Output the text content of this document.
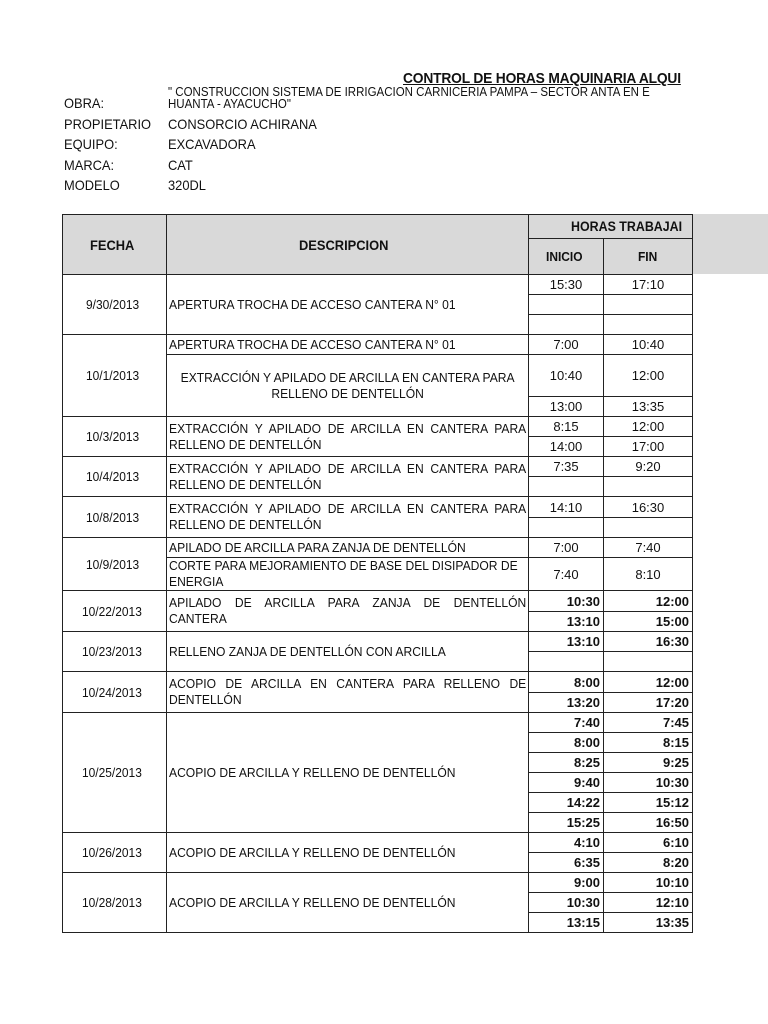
CONTROL DE HORAS MAQUINARIA ALQUI
OBRA:
" CONSTRUCCION SISTEMA DE IRRIGACION CARNICERIA PAMPA – SECTOR ANTA EN E
HUANTA - AYACUCHO"
PROPIETARIO CONSORCIO ACHIRANA
EQUIPO:	EXCAVADORA
MARCA:	CAT
MODELO	320DL
FECHA	DESCRIPCION	HORAS TRABAJAI	
		INICIO	FIN
9/30/2013	APERTURA TROCHA DE ACCESO CANTERA N° 01	15:30	17:10

10/1/2013	APERTURA TROCHA DE ACCESO CANTERA N° 01	7:00	10:40

	EXTRACCIÓN Y APILADO DE ARCILLA EN CANTERA PARA RELLENO DE DENTELLÓN	10:40	12:00
		13:00	13:35
10/3/2013	EXTRACCIÓN Y APILADO DE ARCILLA EN CANTERA PARA RELLENO DE DENTELLÓN	8:15	12:00
		14:00	17:00
10/4/2013	EXTRACCIÓN Y APILADO DE ARCILLA EN CANTERA PARA RELLENO DE DENTELLÓN	7:35	9:20

10/8/2013	EXTRACCIÓN Y APILADO DE ARCILLA EN CANTERA PARA RELLENO DE DENTELLÓN	14:10	16:30

10/9/2013	APILADO DE ARCILLA PARA ZANJA DE DENTELLÓN	7:00	7:40

	CORTE PARA MEJORAMIENTO DE BASE DEL DISIPADOR DE ENERGIA	7:40	8:10
10/22/2013	APILADO DE ARCILLA PARA ZANJA DE DENTELLÓN CANTERA	10:30	12:00
		13:10	15:00
10/23/2013	RELLENO ZANJA DE DENTELLÓN CON ARCILLA	13:10	16:30

10/24/2013	ACOPIO DE ARCILLA EN CANTERA PARA RELLENO DE DENTELLÓN	8:00	12:00
		13:20	17:20
10/25/2013	ACOPIO DE ARCILLA Y RELLENO DE DENTELLÓN	7:40	7:45
		8:00	8:15
		8:25	9:25
		9:40	10:30
		14:22	15:12
		15:25	16:50
10/26/2013	ACOPIO DE ARCILLA Y RELLENO DE DENTELLÓN	4:10	6:10
		6:35	8:20
10/28/2013	ACOPIO DE ARCILLA Y RELLENO DE DENTELLÓN	9:00	10:10
		10:30	12:10
		13:15	13:35
